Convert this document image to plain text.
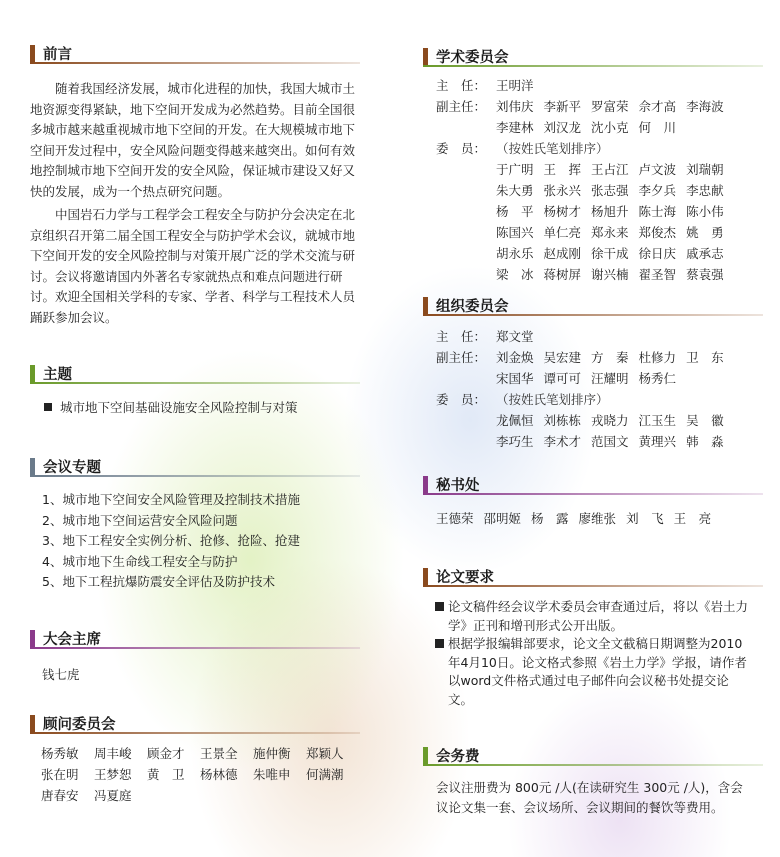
前言

随着我国经济发展，城市化进程的加快，我国大城市土地资源变得紧缺，地下空间开发成为必然趋势。目前全国很多城市越来越重视城市地下空间的开发。在大规模城市地下空间开发过程中，安全风险问题变得越来越突出。如何有效地控制城市地下空间开发的安全风险，保证城市建设又好又快的发展，成为一个热点研究问题。

中国岩石力学与工程学会工程安全与防护分会决定在北京组织召开第二届全国工程安全与防护学术会议，就城市地下空间开发的安全风险控制与对策开展广泛的学术交流与研讨。会议将邀请国内外著名专家就热点和难点问题进行研讨。欢迎全国相关学科的专家、学者、科学与工程技术人员踊跃参加会议。

主题
城市地下空间基础设施安全风险控制与对策
会议专题
1、城市地下空间安全风险管理及控制技术措施
2、城市地下空间运营安全风险问题
3、地下工程安全实例分析、抢修、抢险、抢建
4、城市地下生命线工程安全与防护
5、地下工程抗爆防震安全评估及防护技术
大会主席
钱七虎
顾问委员会
杨秀敏	周丰峻	顾金才	王景全	施仲衡	郑颖人
张在明	王梦恕	黄　卫	杨林德	朱唯申	何满潮
唐春安	冯夏庭
学术委员会
主　任： 王明洋
副主任： 刘伟庆 李新平 罗富荣 佘才高 李海波
李建林 刘汉龙 沈小克 何　川
委　员： （按姓氏笔划排序）
于广明 王　挥 王占江 卢文波 刘瑞朝
朱大勇 张永兴 张志强 李夕兵 李忠献
杨　平 杨树才 杨旭升 陈士海 陈小伟
陈国兴 单仁亮 郑永来 郑俊杰 姚　勇
胡永乐 赵成刚 徐干成 徐日庆 戚承志
梁　冰 蒋树屏 谢兴楠 翟圣智 蔡袁强
组织委员会
主　任： 郑文堂
副主任： 刘金焕 吴宏建 方　秦 杜修力 卫　东
宋国华 谭可可 汪耀明 杨秀仁
委　员： （按姓氏笔划排序）
龙佩恒 刘栋栋 戎晓力 江玉生 吴　徽
李巧生 李术才 范国文 黄理兴 韩　淼
秘书处
王德荣 邵明姬 杨　露 廖维张 刘　飞 王　亮
论文要求
论文稿件经会议学术委员会审查通过后，将以《岩土力学》正刊和增刊形式公开出版。
根据学报编辑部要求，论文全文截稿日期调整为2010年4月10日。论文格式参照《岩土力学》学报，请作者以word文件格式通过电子邮件向会议秘书处提交论文。
会务费
会议注册费为 800元 /人(在读研究生 300元 /人)，含会议论文集一套、会议场所、会议期间的餐饮等费用。
